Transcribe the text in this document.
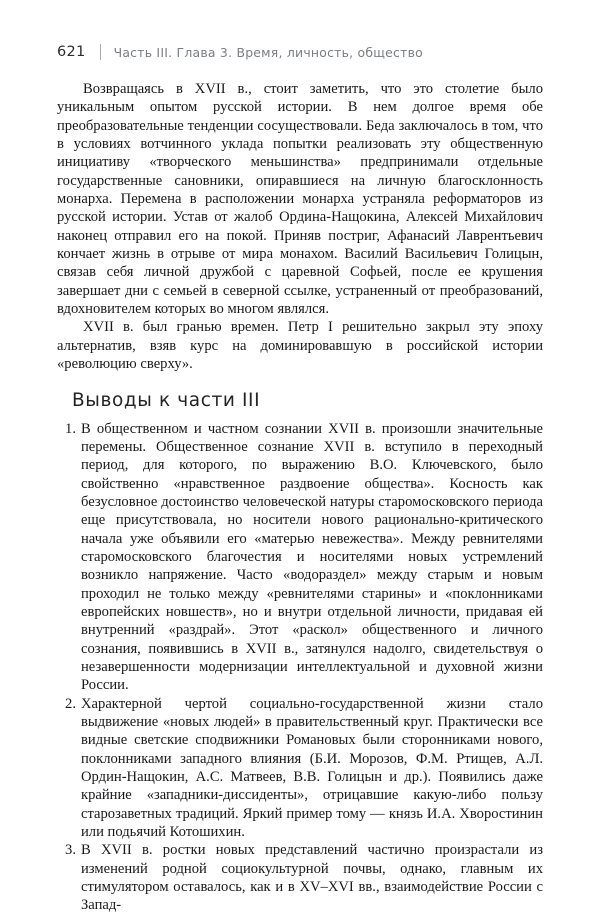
621 Часть III. Глава 3. Время, личность, общество

Возвращаясь в XVII в., стоит заметить, что это столетие было уникальным опытом русской истории. В нем долгое время обе преобразовательные тенденции сосуществовали. Беда заключалось в том, что в условиях вотчинного уклада попытки реализовать эту общественную инициативу «творческого меньшинства» предпринимали отдельные государственные сановники, опиравшиеся на личную благосклонность монарха. Перемена в расположении монарха устраняла реформаторов из русской истории. Устав от жалоб Ордина-Нащокина, Алексей Михайлович наконец отправил его на покой. Приняв постриг, Афанасий Лаврентьевич кончает жизнь в отрыве от мира монахом. Василий Васильевич Голицын, связав себя личной дружбой с царевной Софьей, после ее крушения завершает дни с семьей в северной ссылке, устраненный от преобразований, вдохновителем которых во многом являлся.

XVII в. был гранью времен. Петр I решительно закрыл эту эпоху альтернатив, взяв курс на доминировавшую в российской истории «революцию сверху».

Выводы к части III

В общественном и частном сознании XVII в. произошли значительные перемены. Общественное сознание XVII в. вступило в переходный период, для которого, по выражению В.О. Ключевского, было свойственно «нравственное раздвоение общества». Косность как безусловное достоинство человеческой натуры старомосковского периода еще присутствовала, но носители нового рационально-критического начала уже объявили его «матерью невежества». Между ревнителями старомосковского благочестия и носителями новых устремлений возникло напряжение. Часто «водораздел» между старым и новым проходил не только между «ревнителями старины» и «поклонниками европейских новшеств», но и внутри отдельной личности, придавая ей внутренний «раздрай». Этот «раскол» общественного и личного сознания, появившись в XVII в., затянулся надолго, свидетельствуя о незавершенности модернизации интеллектуальной и духовной жизни России.

Характерной чертой социально-государственной жизни стало выдвижение «новых людей» в правительственный круг. Практически все видные светские сподвижники Романовых были сторонниками нового, поклонниками западного влияния (Б.И. Морозов, Ф.М. Ртищев, А.Л. Ордин-Нащокин, А.С. Матвеев, В.В. Голицын и др.). Появились даже крайние «западники-диссиденты», отрицавшие какую-либо пользу старозаветных традиций. Яркий пример тому — князь И.А. Хворостинин или подьячий Котошихин.

В XVII в. ростки новых представлений частично произрастали из изменений родной социокультурной почвы, однако, главным их стимулятором оставалось, как и в XV–XVI вв., взаимодействие России с Запад-
